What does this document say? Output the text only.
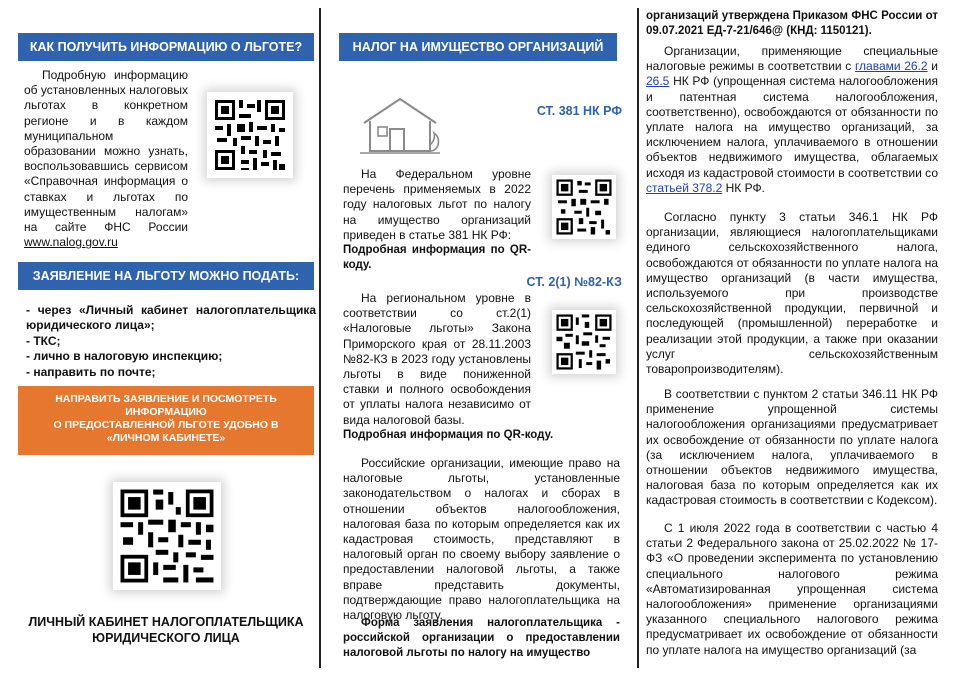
КАК ПОЛУЧИТЬ ИНФОРМАЦИЮ О ЛЬГОТЕ?

Подробную информацию об установленных налоговых льготах в конкретном регионе и в каждом муниципальном образовании можно узнать, воспользовавшись сервисом «Справочная информация о ставках и льготах по имущественным налогам» на сайте ФНС России www.nalog.gov.ru

ЗАЯВЛЕНИЕ НА ЛЬГОТУ МОЖНО ПОДАТЬ:
- через «Личный кабинет налогоплательщика юридического лица»;
- ТКС;
- лично в налоговую инспекцию;
- направить по почте;
НАПРАВИТЬ ЗАЯВЛЕНИЕ И ПОСМОТРЕТЬ
ИНФОРМАЦИЮ
О ПРЕДОСТАВЛЕННОЙ ЛЬГОТЕ УДОБНО В
«ЛИЧНОМ КАБИНЕТЕ»
ЛИЧНЫЙ КАБИНЕТ НАЛОГОПЛАТЕЛЬЩИКА
ЮРИДИЧЕСКОГО ЛИЦА
НАЛОГ НА ИМУЩЕСТВО ОРГАНИЗАЦИЙ
СТ. 381 НК РФ

На Федеральном уровне перечень применяемых в 2022 году налоговых льгот по налогу на имущество организаций приведен в статье 381 НК РФ:

Подробная информация по QR-коду.

СТ. 2(1) №82-КЗ

На региональном уровне в соответствии со ст.2(1) «Налоговые льготы» Закона Приморского края от 28.11.2003 №82-КЗ в 2023 году установлены льготы в виде пониженной ставки и полного освобождения от уплаты налога независимо от вида налоговой базы.

Подробная информация по QR-коду.

Российские организации, имеющие право на налоговые льготы, установленные законодательством о налогах и сборах в отношении объектов налогообложения, налоговая база по которым определяется как их кадастровая стоимость, представляют в налоговый орган по своему выбору заявление о предоставлении налоговой льготы, а также вправе представить документы, подтверждающие право налогоплательщика на налоговую льготу.

Форма заявления налогоплательщика - российской организации о предоставлении налоговой льготы по налогу на имущество

организаций утверждена Приказом ФНС России от 09.07.2021 ЕД-7-21/646@ (КНД: 1150121).

Организации, применяющие специальные налоговые режимы в соответствии с главами 26.2 и 26.5 НК РФ (упрощенная система налогообложения и патентная система налогообложения, соответственно), освобождаются от обязанности по уплате налога на имущество организаций, за исключением налога, уплачиваемого в отношении объектов недвижимого имущества, облагаемых исходя из кадастровой стоимости в соответствии со статьей 378.2 НК РФ.

Согласно пункту 3 статьи 346.1 НК РФ организации, являющиеся налогоплательщиками единого сельскохозяйственного налога, освобождаются от обязанности по уплате налога на имущество организаций (в части имущества, используемого при производстве сельскохозяйственной продукции, первичной и последующей (промышленной) переработке и реализации этой продукции, а также при оказании услуг сельскохозяйственным товаропроизводителям).

В соответствии с пунктом 2 статьи 346.11 НК РФ применение упрощенной системы налогообложения организациями предусматривает их освобождение от обязанности по уплате налога (за исключением налога, уплачиваемого в отношении объектов недвижимого имущества, налоговая база по которым определяется как их кадастровая стоимость в соответствии с Кодексом).

С 1 июля 2022 года в соответствии с частью 4 статьи 2 Федерального закона от 25.02.2022 № 17-ФЗ «О проведении эксперимента по установлению специального налогового режима «Автоматизированная упрощенная система налогообложения» применение организациями указанного специального налогового режима предусматривает их освобождение от обязанности по уплате налога на имущество организаций (за
